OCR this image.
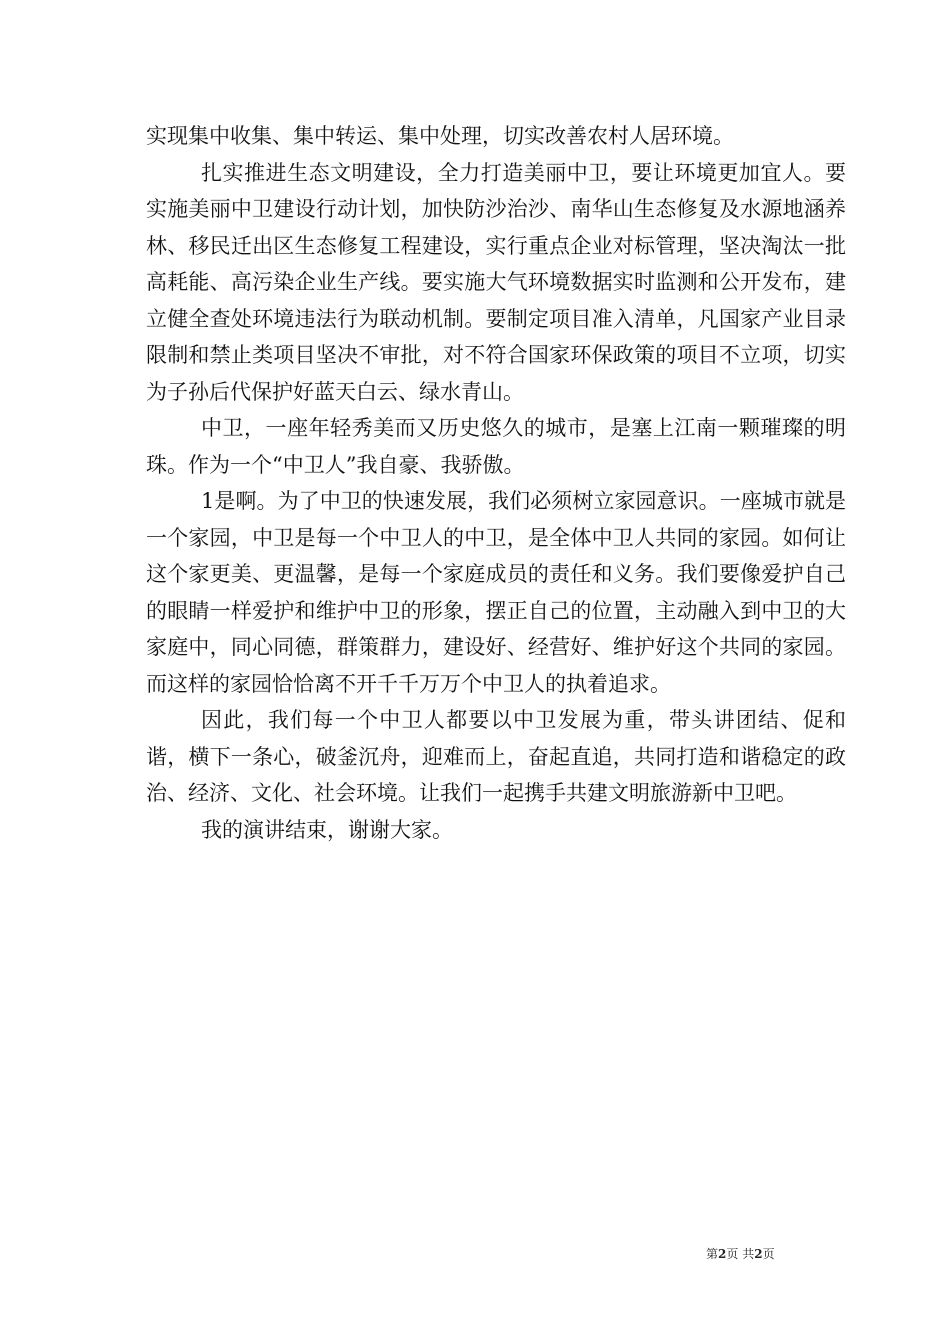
实现集中收集、集中转运、集中处理，切实改善农村人居环境。

扎实推进生态文明建设，全力打造美丽中卫，要让环境更加宜人。要实施美丽中卫建设行动计划，加快防沙治沙、南华山生态修复及水源地涵养林、移民迁出区生态修复工程建设，实行重点企业对标管理，坚决淘汰一批高耗能、高污染企业生产线。要实施大气环境数据实时监测和公开发布，建立健全查处环境违法行为联动机制。要制定项目准入清单，凡国家产业目录限制和禁止类项目坚决不审批，对不符合国家环保政策的项目不立项，切实为子孙后代保护好蓝天白云、绿水青山。

中卫，一座年轻秀美而又历史悠久的城市，是塞上江南一颗璀璨的明珠。作为一个“中卫人”我自豪、我骄傲。

1是啊。为了中卫的快速发展，我们必须树立家园意识。一座城市就是一个家园，中卫是每一个中卫人的中卫，是全体中卫人共同的家园。如何让这个家更美、更温馨，是每一个家庭成员的责任和义务。我们要像爱护自己的眼睛一样爱护和维护中卫的形象，摆正自己的位置，主动融入到中卫的大家庭中，同心同德，群策群力，建设好、经营好、维护好这个共同的家园。而这样的家园恰恰离不开千千万万个中卫人的执着追求。

因此，我们每一个中卫人都要以中卫发展为重，带头讲团结、促和谐，横下一条心，破釜沉舟，迎难而上，奋起直追，共同打造和谐稳定的政治、经济、文化、社会环境。让我们一起携手共建文明旅游新中卫吧。

我的演讲结束，谢谢大家。

第2页 共2页
